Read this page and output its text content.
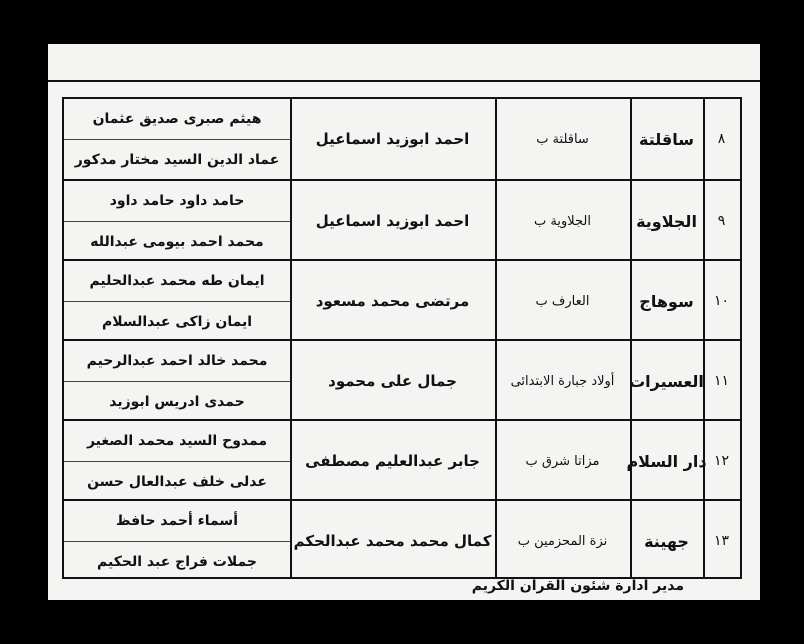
٨
ساقلتة
ساقلتة ب
احمد ابوزيد اسماعيل
هيثم صبرى صديق عثمان
عماد الدين السيد مختار مدكور
٩
الجلاوية
الجلاوية ب
احمد ابوزيد اسماعيل
حامد داود حامد داود
محمد احمد بيومى عبدالله
١٠
سوهاج
العارف ب
مرتضى محمد مسعود
ايمان طه محمد عبدالحليم
ايمان زاكى عبدالسلام
١١
العسيرات
أولاد جبارة الابتدائى
جمال على محمود
محمد خالد احمد عبدالرحيم
حمدى ادريس ابوزيد
١٢
دار السلام
مزاتا شرق ب
جابر عبدالعليم مصطفى
ممدوح السيد محمد الصغير
عدلى خلف عبدالعال حسن
١٣
جهينة
نزة المحزمين ب
كمال محمد محمد عبدالحكم
أسماء أحمد حافظ
جملات فراج عبد الحكيم
مدير ادارة شئون القرآن الكريم
